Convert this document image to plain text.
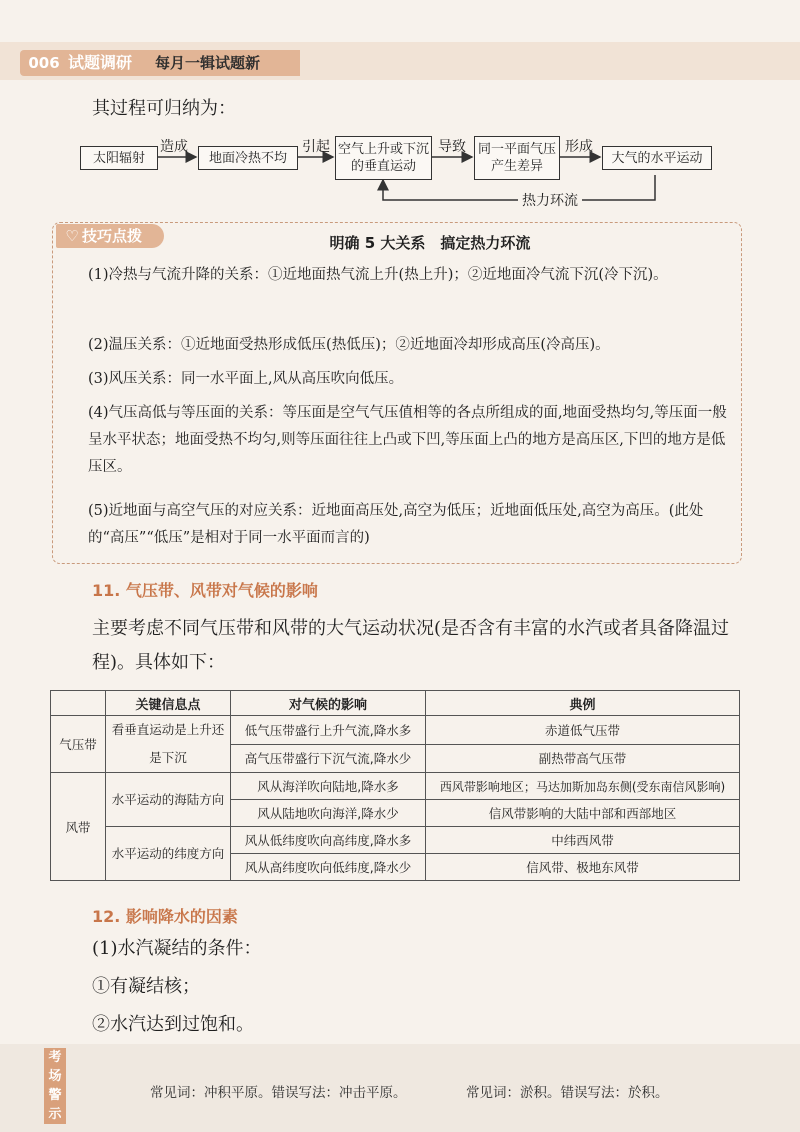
006 试题调研	每月一辑试题新
其过程可归纳为：
太阳辐射	地面冷热不均
空气上升或下沉的垂直运动
同一平面气压产生差异
大气的水平运动
造成	引起	导致	形成
热力环流
♡ 技巧点拨	明确 5 大关系　搞定热力环流
(1)冷热与气流升降的关系：①近地面热气流上升(热上升)；②近地面冷气流下沉(冷下沉)。
(2)温压关系：①近地面受热形成低压(热低压)；②近地面冷却形成高压(冷高压)。
(3)风压关系：同一水平面上,风从高压吹向低压。
(4)气压高低与等压面的关系：等压面是空气气压值相等的各点所组成的面,地面受热均匀,等压面一般呈水平状态；地面受热不均匀,则等压面往往上凸或下凹,等压面上凸的地方是高压区,下凹的地方是低压区。
(5)近地面与高空气压的对应关系：近地面高压处,高空为低压；近地面低压处,高空为高压。(此处的“高压”“低压”是相对于同一水平面而言的)
11. 气压带、风带对气候的影响
主要考虑不同气压带和风带的大气运动状况(是否含有丰富的水汽或者具备降温过程)。具体如下：
	关键信息点	对气候的影响	典例
气压带	看垂直运动是上升还是下沉	低气压带盛行上升气流,降水多	赤道低气压带
		高气压带盛行下沉气流,降水少	副热带高气压带
风带	水平运动的海陆方向	风从海洋吹向陆地,降水多	西风带影响地区；马达加斯加岛东侧(受东南信风影响)
		风从陆地吹向海洋,降水少	信风带影响的大陆中部和西部地区
	水平运动的纬度方向	风从低纬度吹向高纬度,降水多	中纬西风带
		风从高纬度吹向低纬度,降水少	信风带、极地东风带
12. 影响降水的因素
(1)水汽凝结的条件：
①有凝结核；
②水汽达到过饱和。
考场警示
常见词：冲积平原。错误写法：冲击平原。	常见词：淤积。错误写法：於积。
